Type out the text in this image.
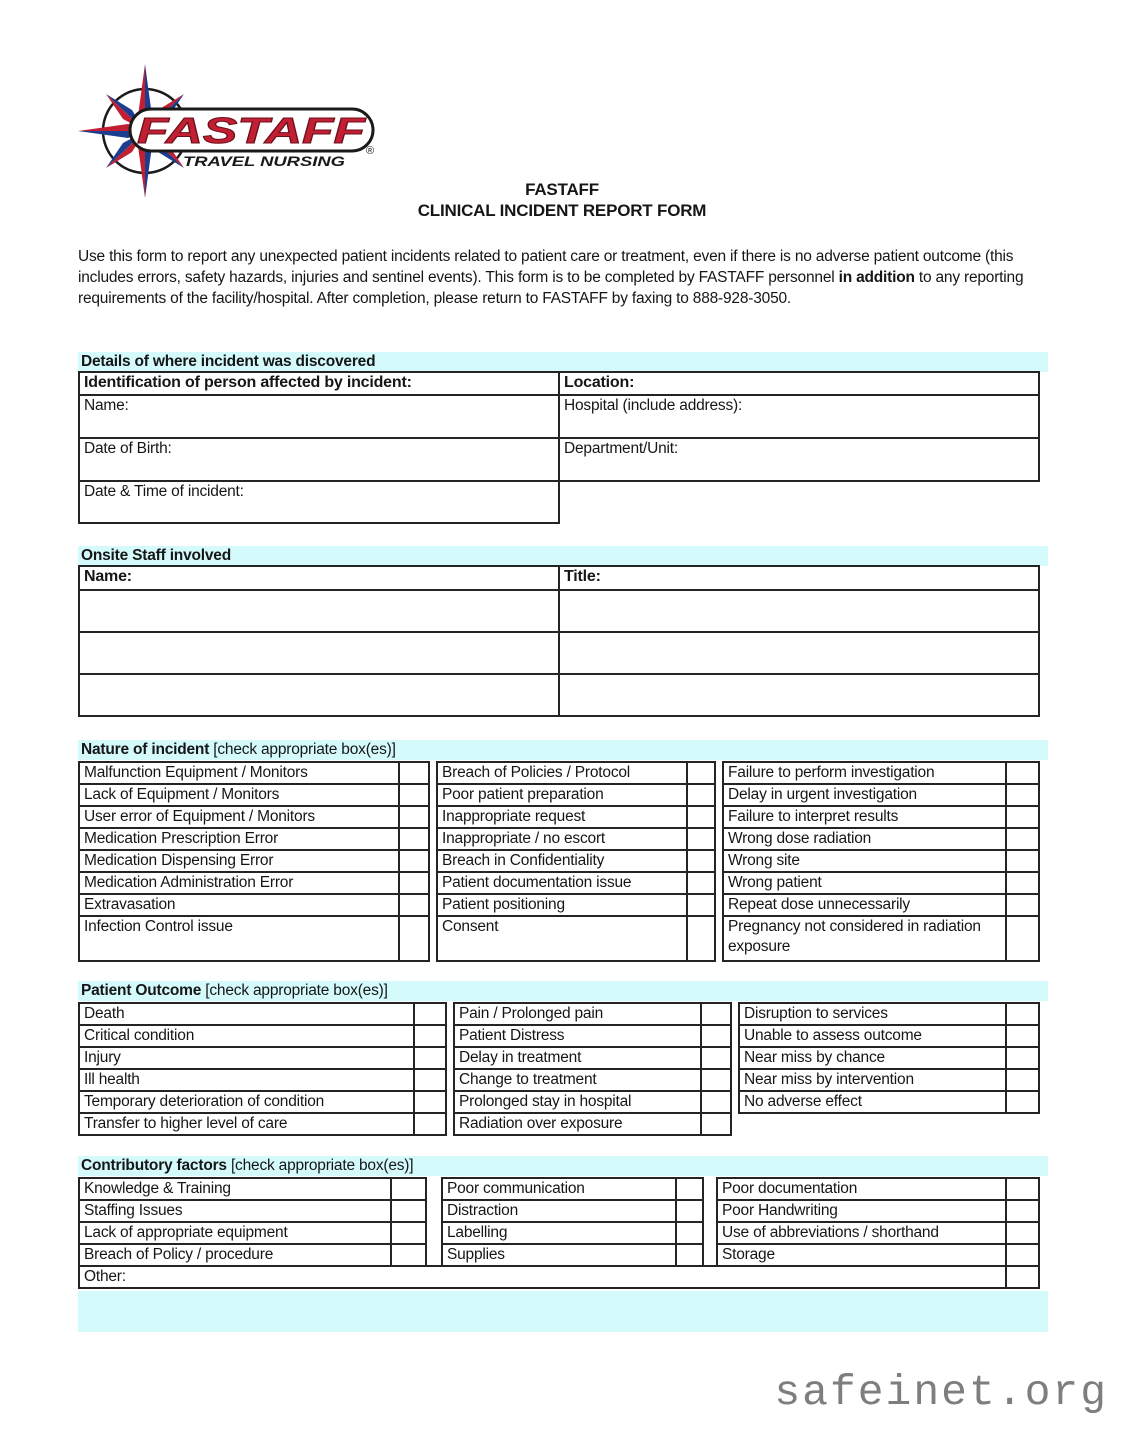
FASTAFF ®
TRAVEL NURSING
FASTAFF
CLINICAL INCIDENT REPORT FORM

Use this form to report any unexpected patient incidents related to patient care or treatment, even if there is no adverse patient outcome (this includes errors, safety hazards, injuries and sentinel events). This form is to be completed by FASTAFF personnel in addition to any reporting requirements of the facility/hospital. After completion, please return to FASTAFF by faxing to 888-928-3050.

Details of where incident was discovered
Identification of person affected by incident:	Location:
Name:	Hospital (include address):
Date of Birth:	Department/Unit:
Date & Time of incident:	
Onsite Staff involved
Name:	Title:

Nature of incident [check appropriate box(es)]
Malfunction Equipment / Monitors			Breach of Policies / Protocol			Failure to perform investigation	
Lack of Equipment / Monitors			Poor patient preparation			Delay in urgent investigation	
User error of Equipment / Monitors			Inappropriate request			Failure to interpret results	
Medication Prescription Error			Inappropriate / no escort			Wrong dose radiation	
Medication Dispensing Error			Breach in Confidentiality			Wrong site	
Medication Administration Error			Patient documentation issue			Wrong patient	
Extravasation			Patient positioning			Repeat dose unnecessarily	
Infection Control issue			Consent			Pregnancy not considered in radiation exposure	
Patient Outcome [check appropriate box(es)]
Death			Pain / Prolonged pain			Disruption to services	
Critical condition			Patient Distress			Unable to assess outcome	
Injury			Delay in treatment			Near miss by chance	
Ill health			Change to treatment			Near miss by intervention	
Temporary deterioration of condition			Prolonged stay in hospital			No adverse effect	
Transfer to higher level of care			Radiation over exposure				
Contributory factors [check appropriate box(es)]
Knowledge & Training			Poor communication			Poor documentation	
Staffing Issues			Distraction			Poor Handwriting	
Lack of appropriate equipment			Labelling			Use of abbreviations / shorthand	
Breach of Policy / procedure			Supplies			Storage	
Other:							
safeinet.org
